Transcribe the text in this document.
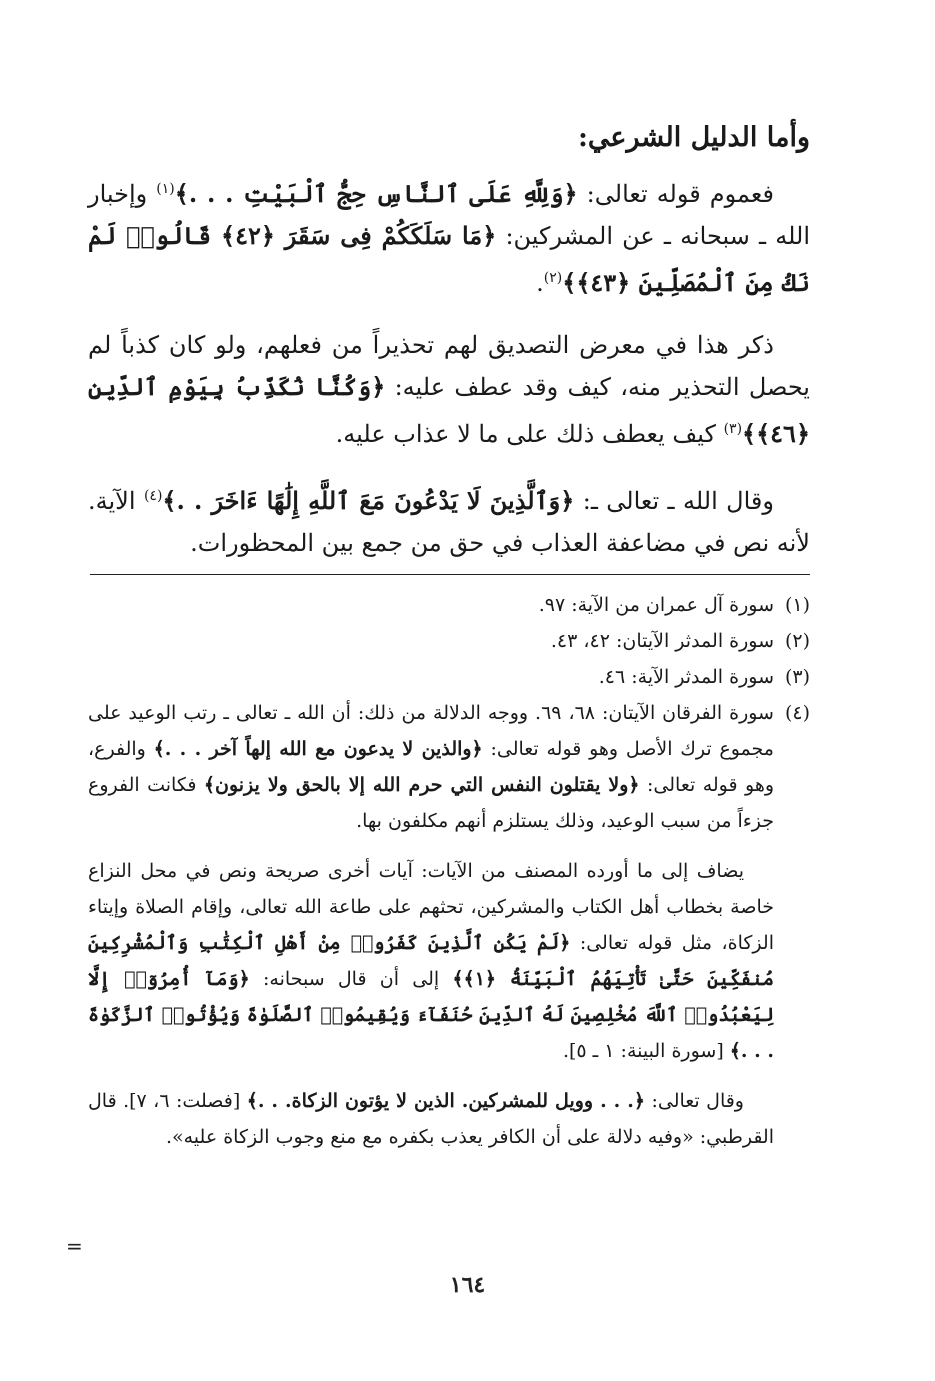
وأما الدليل الشرعي:

فعموم قوله تعالى: ﴿وَلِلَّهِ عَلَى ٱلنَّاسِ حِجُّ ٱلْبَيْتِ . . .﴾$^{(١)}$ وإخبار الله ـ سبحانه ـ عن المشركين: ﴿مَا سَلَكَكُمْ فِى سَقَرَ ﴿٤٢﴾ قَالُوا۟ لَمْ نَكُ مِنَ ٱلْمُصَلِّينَ ﴿٤٣﴾﴾$^{(٢)}$.

ذكر هذا في معرض التصديق لهم تحذيراً من فعلهم، ولو كان كذباً لم يحصل التحذير منه، كيف وقد عطف عليه: ﴿وَكُنَّا نُكَذِّبُ بِيَوْمِ ٱلدِّينِ ﴿٤٦﴾﴾$^{(٣)}$ كيف يعطف ذلك على ما لا عذاب عليه.

وقال الله ـ تعالى ـ: ﴿وَٱلَّذِينَ لَا يَدْعُونَ مَعَ ٱللَّهِ إِلَٰهًا ءَاخَرَ . .﴾$^{(٤)}$ الآية. لأنه نص في مضاعفة العذاب في حق من جمع بين المحظورات.

(١)
سورة آل عمران من الآية: ٩٧.
(٢)
سورة المدثر الآيتان: ٤٢، ٤٣.
(٣)
سورة المدثر الآية: ٤٦.
(٤)
سورة الفرقان الآيتان: ٦٨، ٦٩. ووجه الدلالة من ذلك: أن الله ـ تعالى ـ رتب الوعيد على مجموع ترك الأصل وهو قوله تعالى: ﴿والذين لا يدعون مع الله إلهاً آخر . . .﴾ والفرع، وهو قوله تعالى: ﴿ولا يقتلون النفس التي حرم الله إلا بالحق ولا يزنون﴾ فكانت الفروع جزءاً من سبب الوعيد، وذلك يستلزم أنهم مكلفون بها.

يضاف إلى ما أورده المصنف من الآيات: آيات أخرى صريحة ونص في محل النزاع خاصة بخطاب أهل الكتاب والمشركين، تحثهم على طاعة الله تعالى، وإقام الصلاة وإيتاء الزكاة، مثل قوله تعالى: ﴿لَمْ يَكُنِ ٱلَّذِينَ كَفَرُوا۟ مِنْ أَهْلِ ٱلْكِتَٰبِ وَٱلْمُشْرِكِينَ مُنفَكِّينَ حَتَّىٰ تَأْتِيَهُمُ ٱلْبَيِّنَةُ ﴿١﴾﴾ إلى أن قال سبحانه: ﴿وَمَآ أُمِرُوٓا۟ إِلَّا لِيَعْبُدُوا۟ ٱللَّهَ مُخْلِصِينَ لَهُ ٱلدِّينَ حُنَفَآءَ وَيُقِيمُوا۟ ٱلصَّلَوٰةَ وَيُؤْتُوا۟ ٱلزَّكَوٰةَ . . .﴾ [سورة البينة: ١ ـ ٥].

وقال تعالى: ﴿. . . وويل للمشركين. الذين لا يؤتون الزكاة. . .﴾ [فصلت: ٦، ٧]. قال القرطبي: «وفيه دلالة على أن الكافر يعذب بكفره مع منع وجوب الزكاة عليه».

=
١٦٤
